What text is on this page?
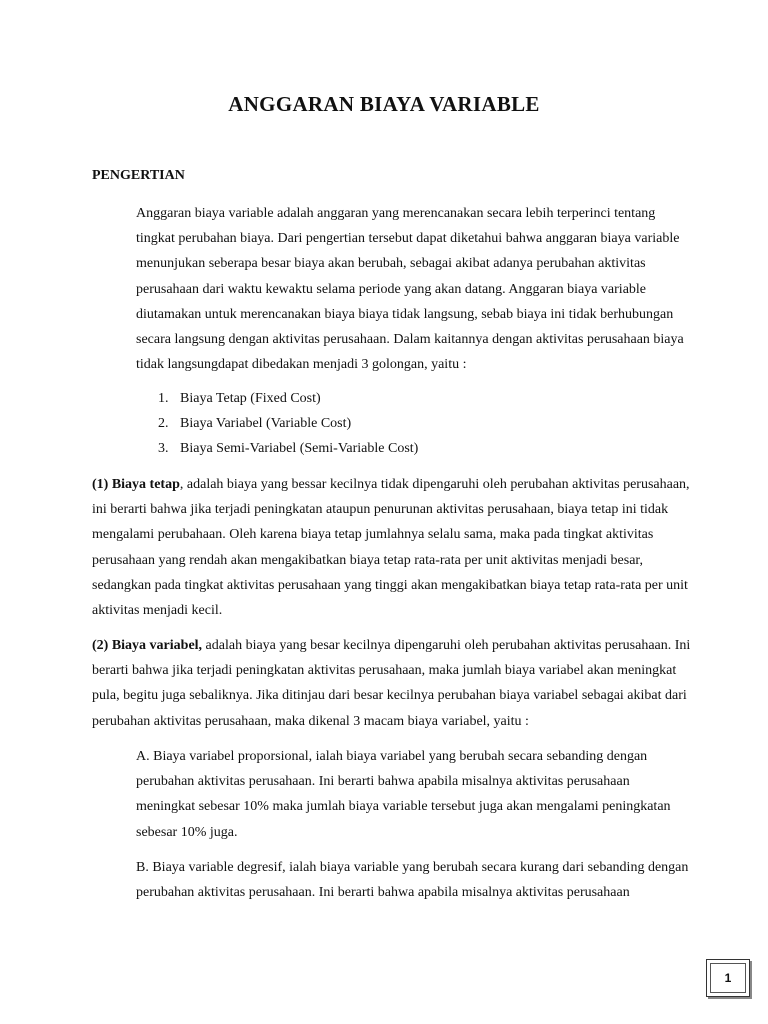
ANGGARAN BIAYA VARIABLE
PENGERTIAN

Anggaran biaya variable adalah anggaran yang merencanakan secara lebih terperinci tentang
tingkat perubahan biaya. Dari pengertian tersebut dapat diketahui bahwa anggaran biaya variable
menunjukan seberapa besar biaya akan berubah, sebagai akibat adanya perubahan aktivitas
perusahaan dari waktu kewaktu selama periode yang akan datang. Anggaran biaya variable
diutamakan untuk merencanakan biaya biaya tidak langsung, sebab biaya ini tidak berhubungan
secara langsung dengan aktivitas perusahaan. Dalam kaitannya dengan aktivitas perusahaan biaya
tidak langsungdapat dibedakan menjadi 3 golongan, yaitu :

1. Biaya Tetap (Fixed Cost)
2. Biaya Variabel (Variable Cost)
3. Biaya Semi-Variabel (Semi-Variable Cost)

(1) Biaya tetap, adalah biaya yang bessar kecilnya tidak dipengaruhi oleh perubahan aktivitas perusahaan,
ini berarti bahwa jika terjadi peningkatan ataupun penurunan aktivitas perusahaan, biaya tetap ini tidak
mengalami perubahaan. Oleh karena biaya tetap jumlahnya selalu sama, maka pada tingkat aktivitas
perusahaan yang rendah akan mengakibatkan biaya tetap rata-rata per unit aktivitas menjadi besar,
sedangkan pada tingkat aktivitas perusahaan yang tinggi akan mengakibatkan biaya tetap rata-rata per unit
aktivitas menjadi kecil.

(2) Biaya variabel, adalah biaya yang besar kecilnya dipengaruhi oleh perubahan aktivitas perusahaan. Ini
berarti bahwa jika terjadi peningkatan aktivitas perusahaan, maka jumlah biaya variabel akan meningkat
pula, begitu juga sebaliknya. Jika ditinjau dari besar kecilnya perubahan biaya variabel sebagai akibat dari
perubahan aktivitas perusahaan, maka dikenal 3 macam biaya variabel, yaitu :

A. Biaya variabel proporsional, ialah biaya variabel yang berubah secara sebanding dengan
perubahan aktivitas perusahaan. Ini berarti bahwa apabila misalnya aktivitas perusahaan
meningkat sebesar 10% maka jumlah biaya variable tersebut juga akan mengalami peningkatan
sebesar 10% juga.

B. Biaya variable degresif, ialah biaya variable yang berubah secara kurang dari sebanding dengan
perubahan aktivitas perusahaan. Ini berarti bahwa apabila misalnya aktivitas perusahaan

1
